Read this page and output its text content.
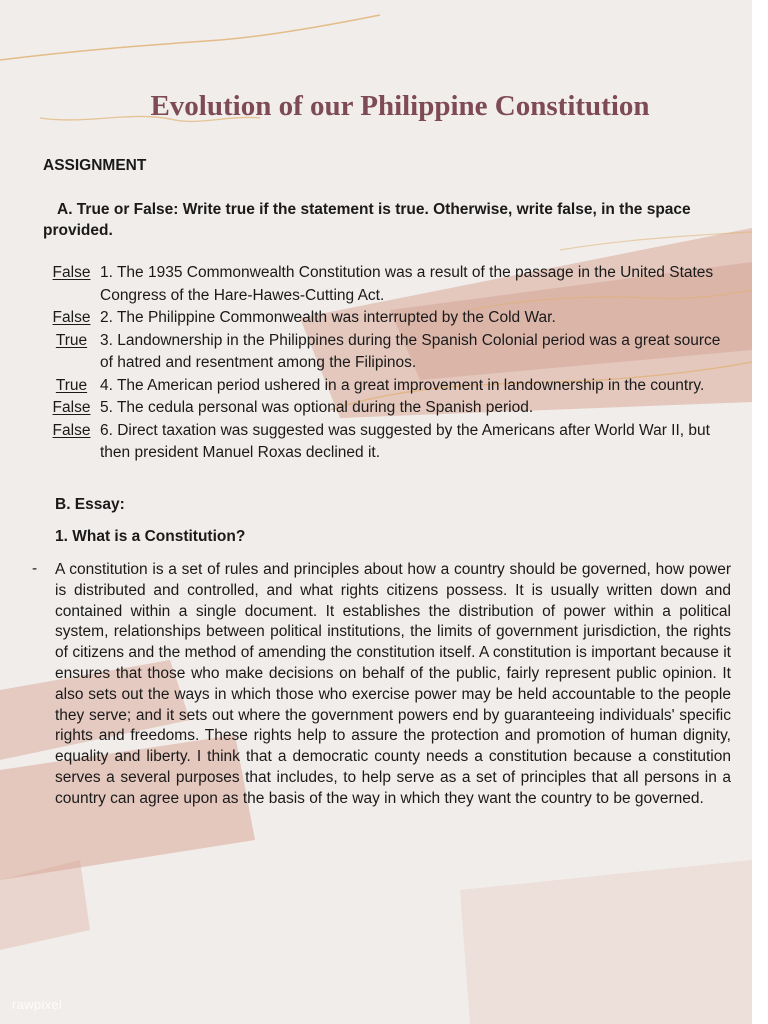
Evolution of our Philippine Constitution
ASSIGNMENT
A. True or False: Write true if the statement is true. Otherwise, write false, in the space provided.
False 1. The 1935 Commonwealth Constitution was a result of the passage in the United States Congress of the Hare-Hawes-Cutting Act.
False 2. The Philippine Commonwealth was interrupted by the Cold War.
True 3. Landownership in the Philippines during the Spanish Colonial period was a great source of hatred and resentment among the Filipinos.
True 4. The American period ushered in a great improvement in landownership in the country.
False 5. The cedula personal was optional during the Spanish period.
False 6. Direct taxation was suggested was suggested by the Americans after World War II, but then president Manuel Roxas declined it.
B. Essay:
1. What is a Constitution?
- A constitution is a set of rules and principles about how a country should be governed, how power is distributed and controlled, and what rights citizens possess. It is usually written down and contained within a single document. It establishes the distribution of power within a political system, relationships between political institutions, the limits of government jurisdiction, the rights of citizens and the method of amending the constitution itself. A constitution is important because it ensures that those who make decisions on behalf of the public, fairly represent public opinion. It also sets out the ways in which those who exercise power may be held accountable to the people they serve; and it sets out where the government powers end by guaranteeing individuals' specific rights and freedoms. These rights help to assure the protection and promotion of human dignity, equality and liberty. I think that a democratic county needs a constitution because a constitution serves a several purposes that includes, to help serve as a set of principles that all persons in a country can agree upon as the basis of the way in which they want the country to be governed.
rawpixel
